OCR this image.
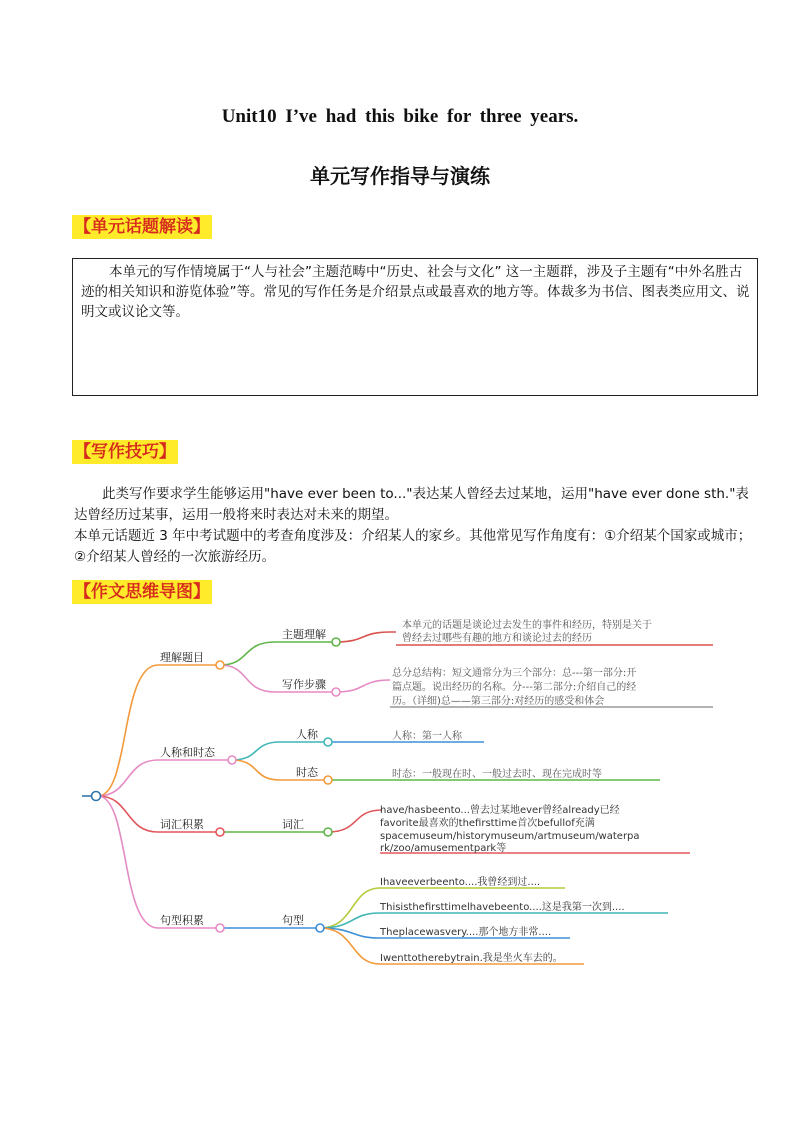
Unit10 I’ve had this bike for three years.
单元写作指导与演练
【单元话题解读】

本单元的写作情境属于“人与社会”主题范畴中“历史、社会与文化” 这一主题群，涉及子主题有“中外名胜古迹的相关知识和游览体验”等。常见的写作任务是介绍景点或最喜欢的地方等。体裁多为书信、图表类应用文、说明文或议论文等。

【写作技巧】

此类写作要求学生能够运用"have ever been to..."表达某人曾经去过某地，运用"have ever done sth."表达曾经历过某事，运用一般将来时表达对未来的期望。

本单元话题近 3 年中考试题中的考查角度涉及：介绍某人的家乡。其他常见写作角度有：①介绍某个国家或城市；②介绍某人曾经的一次旅游经历。

【作文思维导图】
理解题目
人称和时态
词汇积累
句型积累
主题理解
写作步骤
人称
时态
词汇
句型
本单元的话题是谈论过去发生的事件和经历，特别是关于
曾经去过哪些有趣的地方和谈论过去的经历
总分总结构：短文通常分为三个部分：总---第一部分:开
篇点题。说出经历的名称。分---第二部分:介绍自己的经
历。（详细)总——第三部分:对经历的感受和体会
人称：第一人称
时态：一般现在时、一般过去时、现在完成时等
have/hasbeento...曾去过某地ever曾经already已经
favorite最喜欢的thefirsttime首次befullof充满
spacemuseum/historymuseum/artmuseum/waterpa
rk/zoo/amusementpark等
Ihaveeverbeento....我曾经到过....
Thisisthefirsttimelhavebeento....这是我第一次到....
Theplacewasvery....那个地方非常....
Iwenttotherebytrain.我是坐火车去的。
